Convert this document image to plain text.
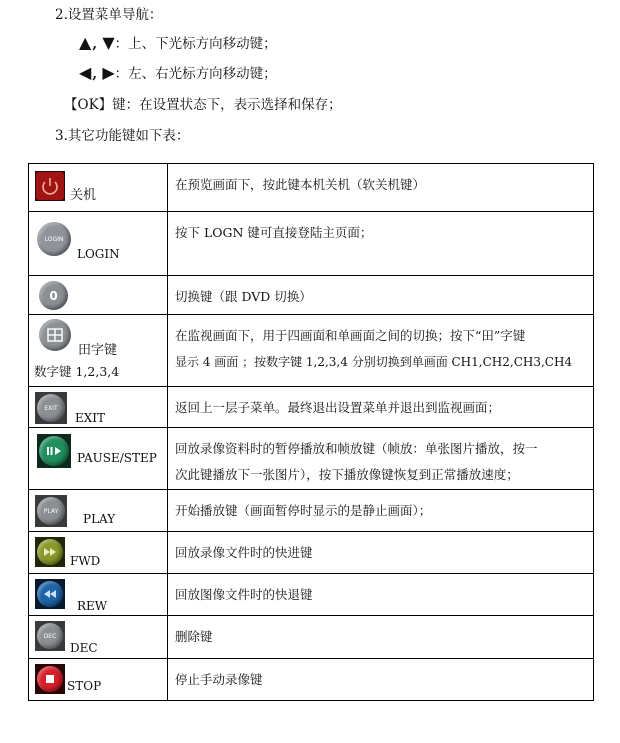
2.设置菜单导航：
▲, ▼：上、下光标方向移动键；
◀, ▶：左、右光标方向移动键；
【OK】键：在设置状态下，表示选择和保存；
3.其它功能键如下表：
关机	在预览画面下，按此键本机关机（软关机键）

LOGIN
LOGIN	按下 LOGN 键可直接登陆主页面；

0	切换键（跟 DVD 切换）

田字键
数字键 1,2,3,4	在监视画面下，用于四画面和单画面之间的切换；按下“田”字键
显示 4 画面 ；按数字键 1,2,3,4 分别切换到单画面 CH1,CH2,CH3,CH4

EXIT
EXIT	返回上一层子菜单。最终退出设置菜单并退出到监视画面；

PAUSE/STEP	回放录像资料时的暂停播放和帧放键（帧放：单张图片播放，按一
次此键播放下一张图片），按下播放像键恢复到正常播放速度；

PLAY
PLAY	开始播放键（画面暂停时显示的是静止画面）；

FWD	回放录像文件时的快进键

REW	回放图像文件时的快退键

DEC
DEC	删除键

STOP	停止手动录像键
